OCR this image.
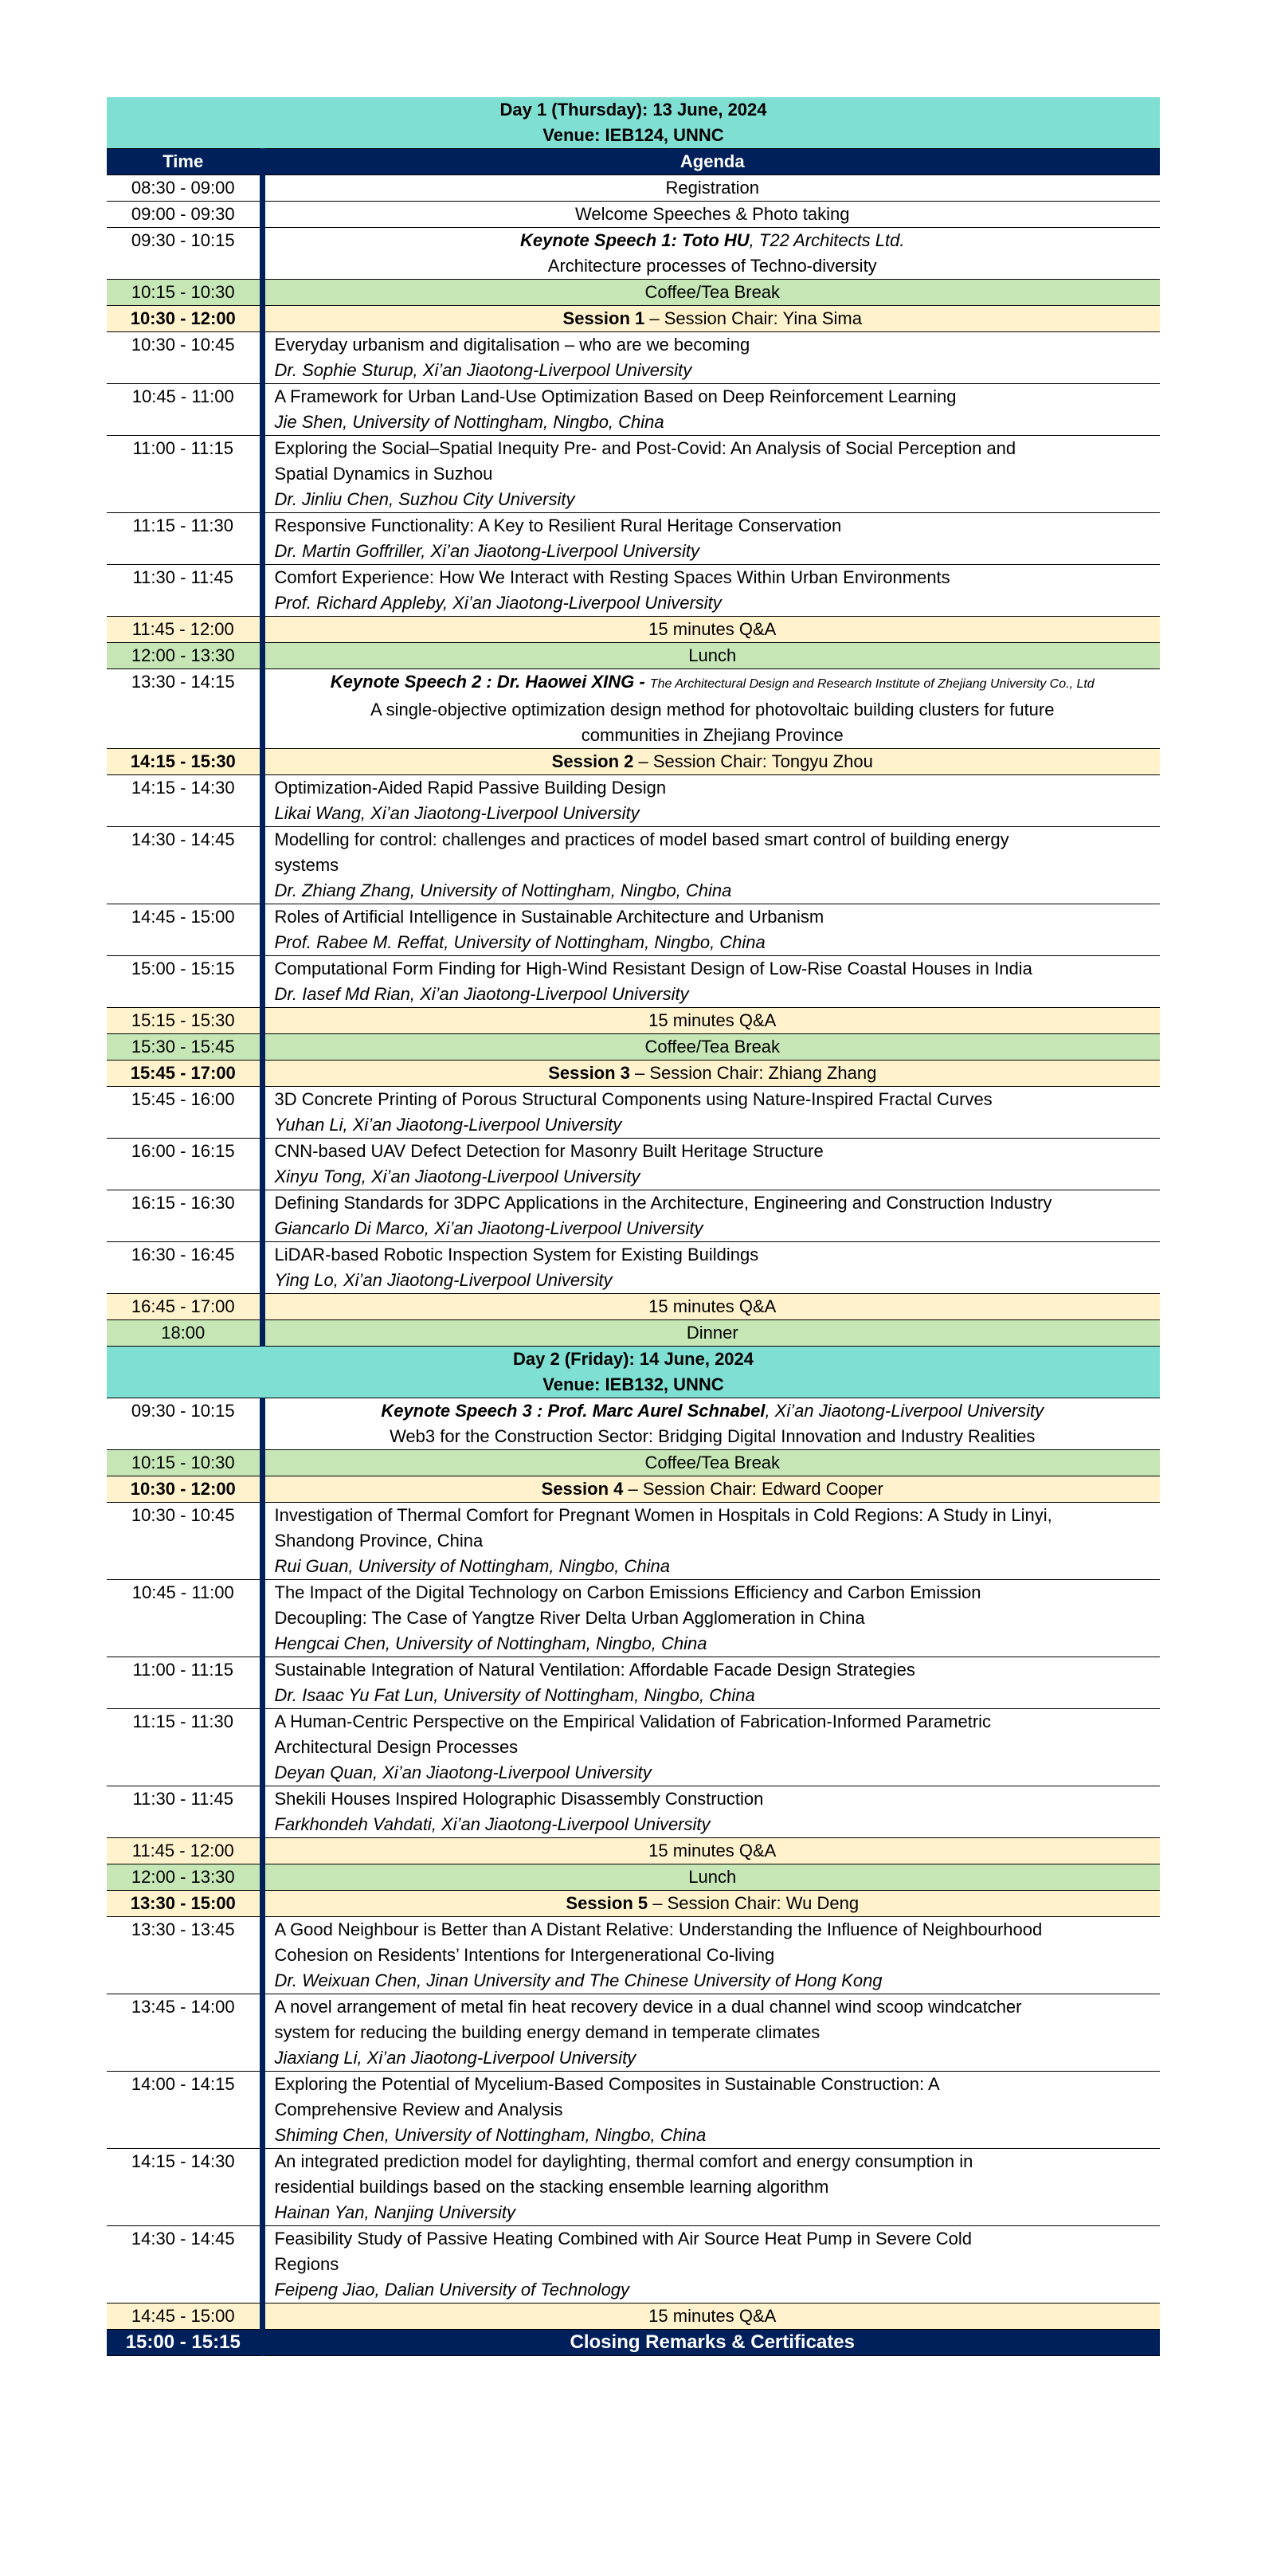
Day 1 (Thursday): 13 June, 2024
Venue: IEB124, UNNC	

Time	Agenda
08:30 - 09:00	Registration
09:00 - 09:30	Welcome Speeches & Photo taking
09:30 - 10:15	Keynote Speech 1: Toto HU, T22 Architects Ltd.
Architecture processes of Techno-diversity

10:15 - 10:30	Coffee/Tea Break
10:30 - 12:00	Session 1 – Session Chair: Yina Sima
10:30 - 10:45	Everyday urbanism and digitalisation – who are we becoming
Dr. Sophie Sturup, Xi’an Jiaotong-Liverpool University

10:45 - 11:00	A Framework for Urban Land-Use Optimization Based on Deep Reinforcement Learning
Jie Shen, University of Nottingham, Ningbo, China

11:00 - 11:15	Exploring the Social–Spatial Inequity Pre- and Post-Covid: An Analysis of Social Perception and
Spatial Dynamics in Suzhou
Dr. Jinliu Chen, Suzhou City University

11:15 - 11:30	Responsive Functionality: A Key to Resilient Rural Heritage Conservation
Dr. Martin Goffriller, Xi’an Jiaotong-Liverpool University

11:30 - 11:45	Comfort Experience: How We Interact with Resting Spaces Within Urban Environments
Prof. Richard Appleby, Xi’an Jiaotong-Liverpool University

11:45 - 12:00	15 minutes Q&A
12:00 - 13:30	Lunch
13:30 - 14:15	Keynote Speech 2 : Dr. Haowei XING - The Architectural Design and Research Institute of Zhejiang University Co., Ltd
A single-objective optimization design method for photovoltaic building clusters for future
communities in Zhejiang Province

14:15 - 15:30	Session 2 – Session Chair: Tongyu Zhou
14:15 - 14:30	Optimization-Aided Rapid Passive Building Design
Likai Wang, Xi’an Jiaotong-Liverpool University

14:30 - 14:45	Modelling for control: challenges and practices of model based smart control of building energy
systems
Dr. Zhiang Zhang, University of Nottingham, Ningbo, China

14:45 - 15:00	Roles of Artificial Intelligence in Sustainable Architecture and Urbanism
Prof. Rabee M. Reffat, University of Nottingham, Ningbo, China

15:00 - 15:15	Computational Form Finding for High-Wind Resistant Design of Low-Rise Coastal Houses in India
Dr. Iasef Md Rian, Xi’an Jiaotong-Liverpool University

15:15 - 15:30	15 minutes Q&A
15:30 - 15:45	Coffee/Tea Break
15:45 - 17:00	Session 3 – Session Chair: Zhiang Zhang
15:45 - 16:00	3D Concrete Printing of Porous Structural Components using Nature-Inspired Fractal Curves
Yuhan Li, Xi’an Jiaotong-Liverpool University

16:00 - 16:15	CNN-based UAV Defect Detection for Masonry Built Heritage Structure
Xinyu Tong, Xi’an Jiaotong-Liverpool University

16:15 - 16:30	Defining Standards for 3DPC Applications in the Architecture, Engineering and Construction Industry
Giancarlo Di Marco, Xi’an Jiaotong-Liverpool University

16:30 - 16:45	LiDAR-based Robotic Inspection System for Existing Buildings
Ying Lo, Xi’an Jiaotong-Liverpool University

16:45 - 17:00	15 minutes Q&A
18:00	Dinner

Day 2 (Friday): 14 June, 2024
Venue: IEB132, UNNC	

09:30 - 10:15	Keynote Speech 3 : Prof. Marc Aurel Schnabel, Xi’an Jiaotong-Liverpool University
Web3 for the Construction Sector: Bridging Digital Innovation and Industry Realities

10:15 - 10:30	Coffee/Tea Break
10:30 - 12:00	Session 4 – Session Chair: Edward Cooper
10:30 - 10:45	Investigation of Thermal Comfort for Pregnant Women in Hospitals in Cold Regions: A Study in Linyi,
Shandong Province, China
Rui Guan, University of Nottingham, Ningbo, China

10:45 - 11:00	The Impact of the Digital Technology on Carbon Emissions Efficiency and Carbon Emission
Decoupling: The Case of Yangtze River Delta Urban Agglomeration in China
Hengcai Chen, University of Nottingham, Ningbo, China

11:00 - 11:15	Sustainable Integration of Natural Ventilation: Affordable Facade Design Strategies
Dr. Isaac Yu Fat Lun, University of Nottingham, Ningbo, China

11:15 - 11:30	A Human-Centric Perspective on the Empirical Validation of Fabrication-Informed Parametric
Architectural Design Processes
Deyan Quan, Xi’an Jiaotong-Liverpool University

11:30 - 11:45	Shekili Houses Inspired Holographic Disassembly Construction
Farkhondeh Vahdati, Xi’an Jiaotong-Liverpool University

11:45 - 12:00	15 minutes Q&A
12:00 - 13:30	Lunch
13:30 - 15:00	Session 5 – Session Chair: Wu Deng
13:30 - 13:45	A Good Neighbour is Better than A Distant Relative: Understanding the Influence of Neighbourhood
Cohesion on Residents’ Intentions for Intergenerational Co-living
Dr. Weixuan Chen, Jinan University and The Chinese University of Hong Kong

13:45 - 14:00	A novel arrangement of metal fin heat recovery device in a dual channel wind scoop windcatcher
system for reducing the building energy demand in temperate climates
Jiaxiang Li, Xi’an Jiaotong-Liverpool University

14:00 - 14:15	Exploring the Potential of Mycelium-Based Composites in Sustainable Construction: A
Comprehensive Review and Analysis
Shiming Chen, University of Nottingham, Ningbo, China

14:15 - 14:30	An integrated prediction model for daylighting, thermal comfort and energy consumption in
residential buildings based on the stacking ensemble learning algorithm
Hainan Yan, Nanjing University

14:30 - 14:45	Feasibility Study of Passive Heating Combined with Air Source Heat Pump in Severe Cold
Regions
Feipeng Jiao, Dalian University of Technology

14:45 - 15:00	15 minutes Q&A
15:00 - 15:15	Closing Remarks & Certificates
